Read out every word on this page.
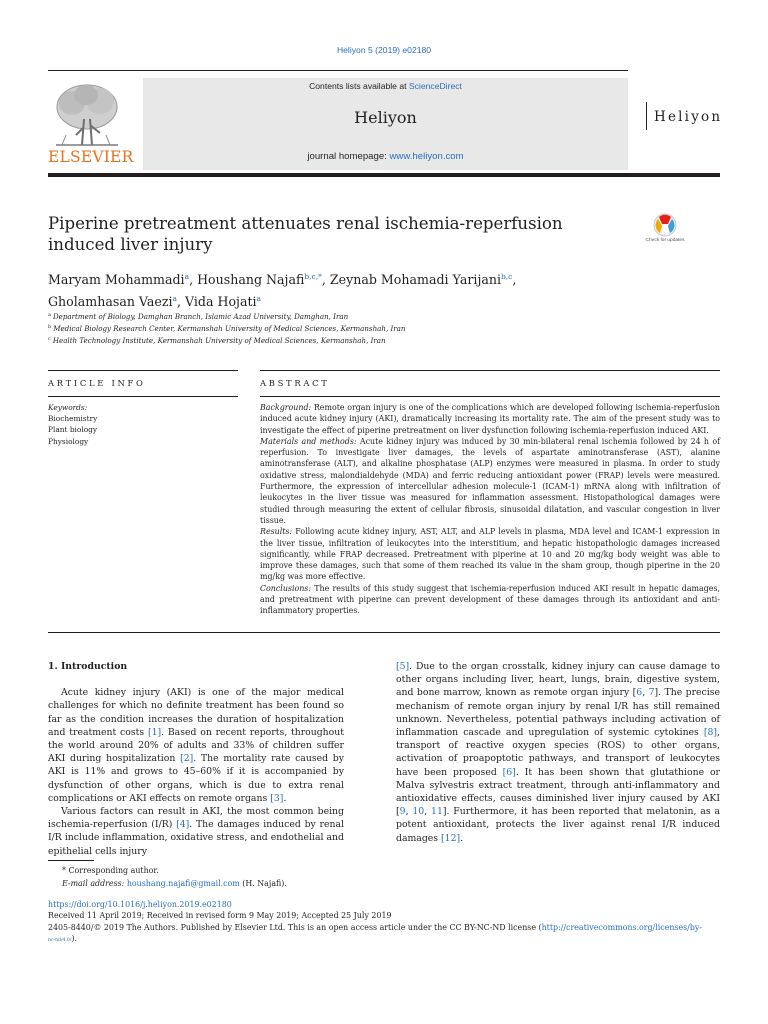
Heliyon 5 (2019) e02180
ELSEVIER
Contents lists available at ScienceDirect
Heliyon
journal homepage: www.heliyon.com
Heliyon
Piperine pretreatment attenuates renal ischemia-reperfusion induced liver injury	Check for updates
Maryam Mohammadi$^a$, Houshang Najafi$^{b,c,*}$, Zeynab Mohamadi Yarijani$^{b,c}$,
Gholamhasan Vaezi$^a$, Vida Hojati$^a$
$^a$ Department of Biology, Damghan Branch, Islamic Azad University, Damghan, Iran
$^b$ Medical Biology Research Center, Kermanshah University of Medical Sciences, Kermanshah, Iran
$^c$ Health Technology Institute, Kermanshah University of Medical Sciences, Kermanshah, Iran
ARTICLE INFO	ABSTRACT
Keywords:
Biochemistry
Plant biology
Physiology

Background: Remote organ injury is one of the complications which are developed following ischemia-reperfusion induced acute kidney injury (AKI), dramatically increasing its mortality rate. The aim of the present study was to investigate the effect of piperine pretreatment on liver dysfunction following ischemia-reperfusion induced AKI.

Materials and methods: Acute kidney injury was induced by 30 min-bilateral renal ischemia followed by 24 h of reperfusion. To investigate liver damages, the levels of aspartate aminotransferase (AST), alanine aminotransferase (ALT), and alkaline phosphatase (ALP) enzymes were measured in plasma. In order to study oxidative stress, malondialdehyde (MDA) and ferric reducing antioxidant power (FRAP) levels were measured. Furthermore, the expression of intercellular adhesion molecule-1 (ICAM-1) mRNA along with infiltration of leukocytes in the liver tissue was measured for inflammation assessment. Histopathological damages were studied through measuring the extent of cellular fibrosis, sinusoidal dilatation, and vascular congestion in liver tissue.

Results: Following acute kidney injury, AST, ALT, and ALP levels in plasma, MDA level and ICAM-1 expression in the liver tissue, infiltration of leukocytes into the interstitium, and hepatic histopathologic damages increased significantly, while FRAP decreased. Pretreatment with piperine at 10 and 20 mg/kg body weight was able to improve these damages, such that some of them reached its value in the sham group, though piperine in the 20 mg/kg was more effective.

Conclusions: The results of this study suggest that ischemia-reperfusion induced AKI result in hepatic damages, and pretreatment with piperine can prevent development of these damages through its antioxidant and anti-inflammatory properties.

1. Introduction

Acute kidney injury (AKI) is one of the major medical challenges for which no definite treatment has been found so far as the condition increases the duration of hospitalization and treatment costs [1]. Based on recent reports, throughout the world around 20% of adults and 33% of children suffer AKI during hospitalization [2]. The mortality rate caused by AKI is 11% and grows to 45–60% if it is accompanied by dysfunction of other organs, which is due to extra renal complications or AKI effects on remote organs [3].

Various factors can result in AKI, the most common being ischemia-reperfusion (I/R) [4]. The damages induced by renal I/R include inflammation, oxidative stress, and endothelial and epithelial cells injury

[5]. Due to the organ crosstalk, kidney injury can cause damage to other organs including liver, heart, lungs, brain, digestive system, and bone marrow, known as remote organ injury [6, 7]. The precise mechanism of remote organ injury by renal I/R has still remained unknown. Nevertheless, potential pathways including activation of inflammation cascade and upregulation of systemic cytokines [8], transport of reactive oxygen species (ROS) to other organs, activation of proapoptotic pathways, and transport of leukocytes have been proposed [6]. It has been shown that glutathione or Malva sylvestris extract treatment, through anti-inflammatory and antioxidative effects, causes diminished liver injury caused by AKI [9, 10, 11]. Furthermore, it has been reported that melatonin, as a potent antioxidant, protects the liver against renal I/R induced damages [12].

* Corresponding author.
E-mail address: houshang.najafi@gmail.com (H. Najafi).
https://doi.org/10.1016/j.heliyon.2019.e02180
Received 11 April 2019; Received in revised form 9 May 2019; Accepted 25 July 2019
2405-8440/© 2019 The Authors. Published by Elsevier Ltd. This is an open access article under the CC BY-NC-ND license (http://creativecommons.org/licenses/by-
nc-nd/4.0/).
